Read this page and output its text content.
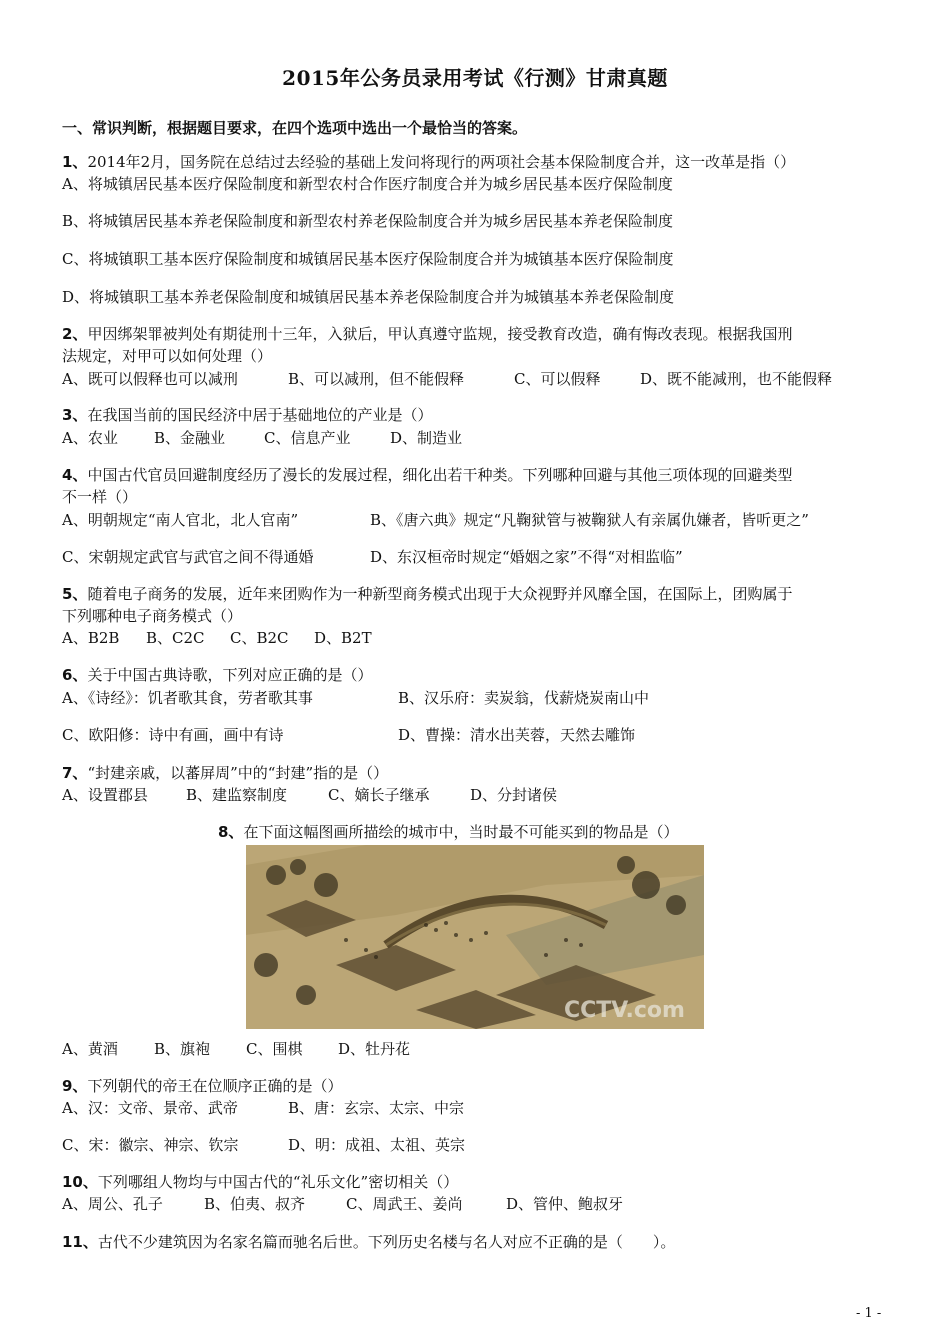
2015年公务员录用考试《行测》甘肃真题
一、常识判断，根据题目要求，在四个选项中选出一个最恰当的答案。
1、2014年2月，国务院在总结过去经验的基础上发问将现行的两项社会基本保险制度合并，这一改革是指（）
A、将城镇居民基本医疗保险制度和新型农村合作医疗制度合并为城乡居民基本医疗保险制度
B、将城镇居民基本养老保险制度和新型农村养老保险制度合并为城乡居民基本养老保险制度
C、将城镇职工基本医疗保险制度和城镇居民基本医疗保险制度合并为城镇基本医疗保险制度
D、将城镇职工基本养老保险制度和城镇居民基本养老保险制度合并为城镇基本养老保险制度
2、甲因绑架罪被判处有期徒刑十三年，入狱后，甲认真遵守监规，接受教育改造，确有悔改表现。根据我国刑
法规定，对甲可以如何处理（）
A、既可以假释也可以减刑	B、可以减刑，但不能假释	C、可以假释	D、既不能减刑，也不能假释
3、在我国当前的国民经济中居于基础地位的产业是（）
A、农业 B、金融业	C、信息产业	D、制造业
4、中国古代官员回避制度经历了漫长的发展过程，细化出若干种类。下列哪种回避与其他三项体现的回避类型
不一样（）
A、明朝规定“南人官北，北人官南”	B、《唐六典》规定“凡鞠狱管与被鞠狱人有亲属仇嫌者，皆听更之”
C、宋朝规定武官与武官之间不得通婚	D、东汉桓帝时规定“婚姻之家”不得“对相监临”
5、随着电子商务的发展，近年来团购作为一种新型商务模式出现于大众视野并风靡全国，在国际上，团购属于
下列哪种电子商务模式（）
A、B2B B、C2C C、B2C D、B2T
6、关于中国古典诗歌，下列对应正确的是（）
A、《诗经》：饥者歌其食，劳者歌其事	B、汉乐府：卖炭翁，伐薪烧炭南山中
C、欧阳修：诗中有画，画中有诗	D、曹操：清水出芙蓉，天然去雕饰
7、“封建亲戚，以蕃屏周”中的“封建”指的是（）
A、设置郡县	B、建监察制度	C、嫡长子继承	D、分封诸侯
8、在下面这幅图画所描绘的城市中，当时最不可能买到的物品是（）
CCTV.com
A、黄酒 B、旗袍 C、围棋 D、牡丹花
9、下列朝代的帝王在位顺序正确的是（）
A、汉：文帝、景帝、武帝	B、唐：玄宗、太宗、中宗
C、宋：徽宗、神宗、钦宗	D、明：成祖、太祖、英宗
10、下列哪组人物均与中国古代的“礼乐文化”密切相关（）
A、周公、孔子	B、伯夷、叔齐	C、周武王、姜尚	D、管仲、鲍叔牙
11、古代不少建筑因为名家名篇而驰名后世。下列历史名楼与名人对应不正确的是（　　）。
- 1 -
